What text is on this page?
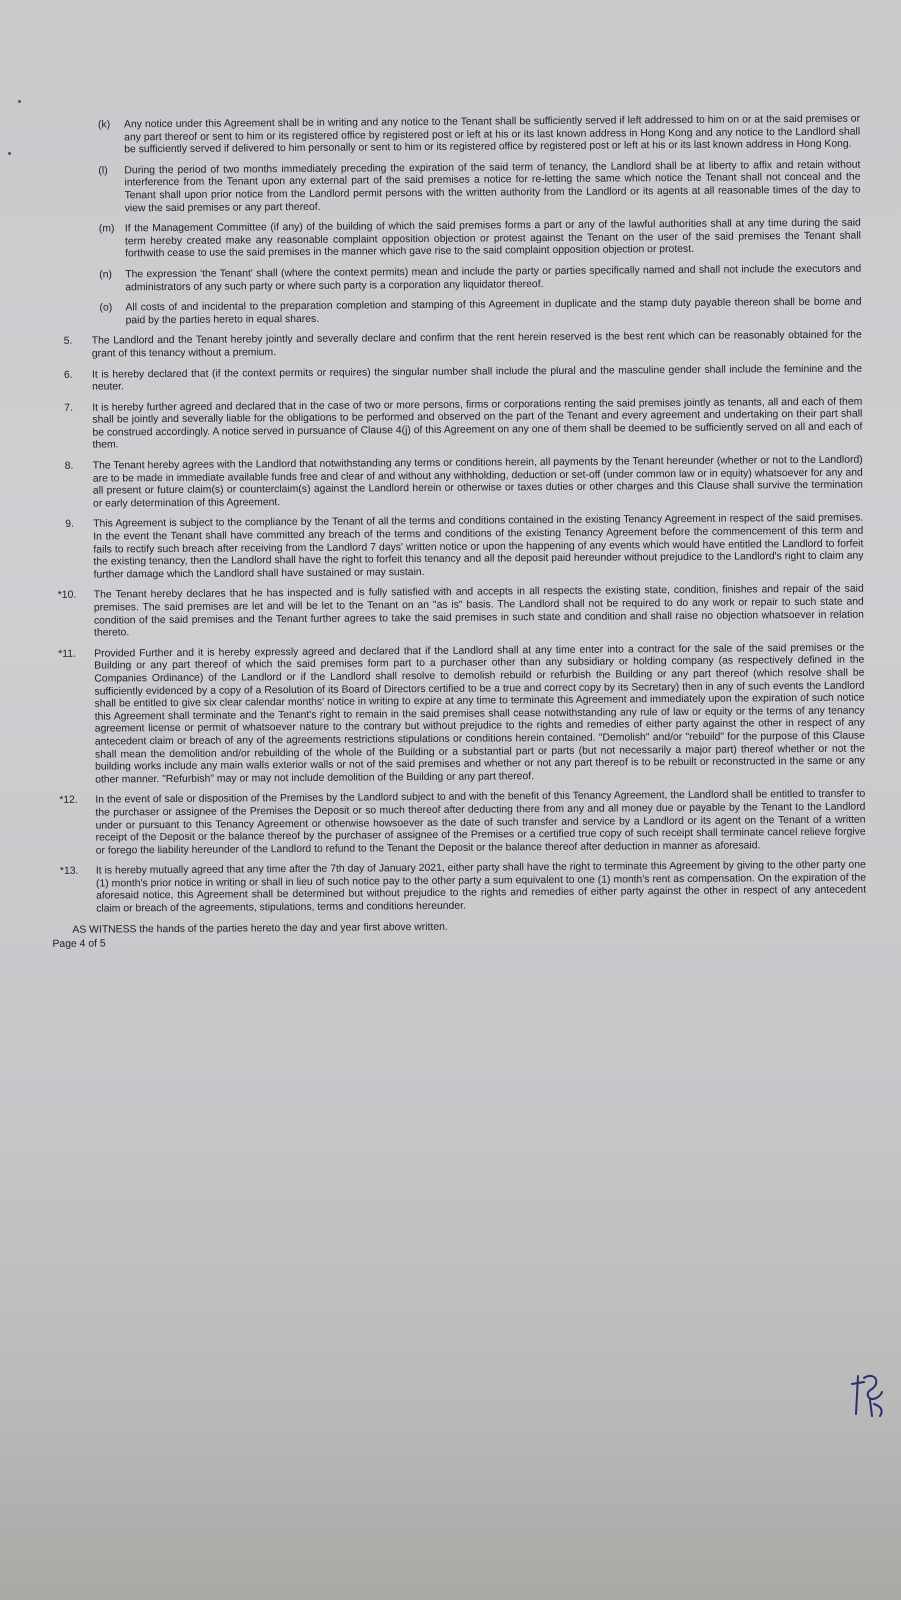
(k) Any notice under this Agreement shall be in writing and any notice to the Tenant shall be sufficiently served if left addressed to him on or at the said premises or any part thereof or sent to him or its registered office by registered post or left at his or its last known address in Hong Kong and any notice to the Landlord shall be sufficiently served if delivered to him personally or sent to him or its registered office by registered post or left at his or its last known address in Hong Kong.
(l) During the period of two months immediately preceding the expiration of the said term of tenancy, the Landlord shall be at liberty to affix and retain without interference from the Tenant upon any external part of the said premises a notice for re-letting the same which notice the Tenant shall not conceal and the Tenant shall upon prior notice from the Landlord permit persons with the written authority from the Landlord or its agents at all reasonable times of the day to view the said premises or any part thereof.
(m) If the Management Committee (if any) of the building of which the said premises forms a part or any of the lawful authorities shall at any time during the said term hereby created make any reasonable complaint opposition objection or protest against the Tenant on the user of the said premises the Tenant shall forthwith cease to use the said premises in the manner which gave rise to the said complaint opposition objection or protest.
(n) The expression 'the Tenant' shall (where the context permits) mean and include the party or parties specifically named and shall not include the executors and administrators of any such party or where such party is a corporation any liquidator thereof.
(o) All costs of and incidental to the preparation completion and stamping of this Agreement in duplicate and the stamp duty payable thereon shall be borne and paid by the parties hereto in equal shares.
5. The Landlord and the Tenant hereby jointly and severally declare and confirm that the rent herein reserved is the best rent which can be reasonably obtained for the grant of this tenancy without a premium.
6. It is hereby declared that (if the context permits or requires) the singular number shall include the plural and the masculine gender shall include the feminine and the neuter.
7. It is hereby further agreed and declared that in the case of two or more persons, firms or corporations renting the said premises jointly as tenants, all and each of them shall be jointly and severally liable for the obligations to be performed and observed on the part of the Tenant and every agreement and undertaking on their part shall be construed accordingly. A notice served in pursuance of Clause 4(j) of this Agreement on any one of them shall be deemed to be sufficiently served on all and each of them.
8. The Tenant hereby agrees with the Landlord that notwithstanding any terms or conditions herein, all payments by the Tenant hereunder (whether or not to the Landlord) are to be made in immediate available funds free and clear of and without any withholding, deduction or set-off (under common law or in equity) whatsoever for any and all present or future claim(s) or counterclaim(s) against the Landlord herein or otherwise or taxes duties or other charges and this Clause shall survive the termination or early determination of this Agreement.
9. This Agreement is subject to the compliance by the Tenant of all the terms and conditions contained in the existing Tenancy Agreement in respect of the said premises. In the event the Tenant shall have committed any breach of the terms and conditions of the existing Tenancy Agreement before the commencement of this term and fails to rectify such breach after receiving from the Landlord 7 days' written notice or upon the happening of any events which would have entitled the Landlord to forfeit the existing tenancy, then the Landlord shall have the right to forfeit this tenancy and all the deposit paid hereunder without prejudice to the Landlord's right to claim any further damage which the Landlord shall have sustained or may sustain.
*10. The Tenant hereby declares that he has inspected and is fully satisfied with and accepts in all respects the existing state, condition, finishes and repair of the said premises. The said premises are let and will be let to the Tenant on an "as is" basis. The Landlord shall not be required to do any work or repair to such state and condition of the said premises and the Tenant further agrees to take the said premises in such state and condition and shall raise no objection whatsoever in relation thereto.
*11. Provided Further and it is hereby expressly agreed and declared that if the Landlord shall at any time enter into a contract for the sale of the said premises or the Building or any part thereof of which the said premises form part to a purchaser other than any subsidiary or holding company (as respectively defined in the Companies Ordinance) of the Landlord or if the Landlord shall resolve to demolish rebuild or refurbish the Building or any part thereof (which resolve shall be sufficiently evidenced by a copy of a Resolution of its Board of Directors certified to be a true and correct copy by its Secretary) then in any of such events the Landlord shall be entitled to give six clear calendar months' notice in writing to expire at any time to terminate this Agreement and immediately upon the expiration of such notice this Agreement shall terminate and the Tenant's right to remain in the said premises shall cease notwithstanding any rule of law or equity or the terms of any tenancy agreement license or permit of whatsoever nature to the contrary but without prejudice to the rights and remedies of either party against the other in respect of any antecedent claim or breach of any of the agreements restrictions stipulations or conditions herein contained. "Demolish" and/or "rebuild" for the purpose of this Clause shall mean the demolition and/or rebuilding of the whole of the Building or a substantial part or parts (but not necessarily a major part) thereof whether or not the building works include any main walls exterior walls or not of the said premises and whether or not any part thereof is to be rebuilt or reconstructed in the same or any other manner. "Refurbish" may or may not include demolition of the Building or any part thereof.
*12. In the event of sale or disposition of the Premises by the Landlord subject to and with the benefit of this Tenancy Agreement, the Landlord shall be entitled to transfer to the purchaser or assignee of the Premises the Deposit or so much thereof after deducting there from any and all money due or payable by the Tenant to the Landlord under or pursuant to this Tenancy Agreement or otherwise howsoever as the date of such transfer and service by a Landlord or its agent on the Tenant of a written receipt of the Deposit or the balance thereof by the purchaser of assignee of the Premises or a certified true copy of such receipt shall terminate cancel relieve forgive or forego the liability hereunder of the Landlord to refund to the Tenant the Deposit or the balance thereof after deduction in manner as aforesaid.
*13. It is hereby mutually agreed that any time after the 7th day of January 2021, either party shall have the right to terminate this Agreement by giving to the other party one (1) month's prior notice in writing or shall in lieu of such notice pay to the other party a sum equivalent to one (1) month's rent as compensation. On the expiration of the aforesaid notice, this Agreement shall be determined but without prejudice to the rights and remedies of either party against the other in respect of any antecedent claim or breach of the agreements, stipulations, terms and conditions hereunder.
AS WITNESS the hands of the parties hereto the day and year first above written.
Page 4 of 5
